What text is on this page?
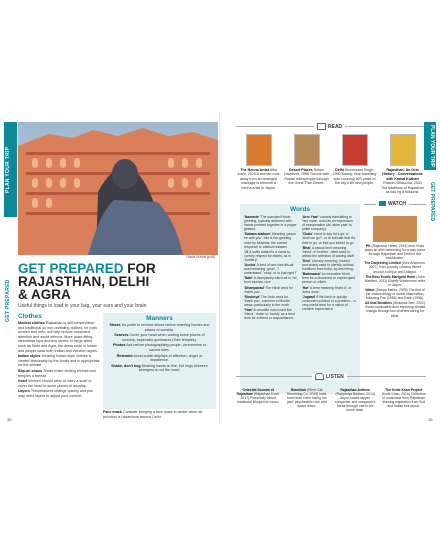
PLAN YOUR TRIP
GET PREPARED
Hawa Mahal (p48)
GET PREPARED FOR
RAJASTHAN, DELHI
& AGRA
Useful things to load in your bag, your ears and your brain
Clothes

Modest clothes Rajasthan is still conservative and traditional so non-revealing clothes, for both women and men, will help reduce unwanted attention and avoid offence. More close-fitting sleeveless tops and tiny shorts. In large cities such as Delhi and Agra, the dress code is looser and people wear both Indian and Western styles.

Indian styles Wearing Indian-style clothes is viewed favourably by the locals and is appropriate for the climate.

Slip-on shoes These make visiting shrines and temples a breeze.

Scarf Women should wear or carry a scarf to cover the head in some places of worship.

Layers Temperatures change quickly and you may need layers to adjust your comfort.

Manners

Shoes It's polite to remove shoes before entering homes and places of worship.

Scarves Cover your head when visiting some places of worship, especially gurdwaras (Sikh temples).

Photos Ask before photographing people, ceremonies or sacred sites.

Restraint Avoid public displays of affection, anger or impatience.

Shake, don't hug Shaking hands is fine, but hugs between strangers is not the norm.

Face mask Consider bringing a face mask in winter when air pollution is hazardous around Delhi.

30
PLAN YOUR TRIP
GET PREPARED
READ
The Henna Artist Alka Joshi; 2020 A woman runs away from an arranged marriage to become a henna artist in Jaipur.
Desert Places Robyn Davidson; 1996 Travels with Rabari tribespeople through the Great Thar Desert.
Delhi Khushwant Singh; 1990 Bawdy, time-travelling epic covering 600 years of the city's life and people.
Rajasthan: An Oral History - Conversations with Komal Kothari Rustom Bharucha; 2003 The traditions of Rajasthan as told by a folklorist.
Words

'Namaste' The standard Hindu greeting, typically delivered with hands pressed together in a prayer gesture.

'Salaam alaikum' Meaning 'peace be with you', this is the greeting used by Muslims; the correct response is 'alaikum salaam'.

'Ji' A suffix added to a name to convey respect for elders, as in 'Auntie-ji'.

'Accha' A kind of one-size-fits-all word meaning 'good', 'I understand', 'okay' or 'is that right?'

'Nahi' A deceptively catch-all to 'no', from tourists; nice

'Dhanyawad' The Hindi word for 'thank you'.

'Shukriya' The Urdu word for 'thank you', common in Muslim areas, particularly in the north.

'Yaar' A versatile word used like 'friend', 'mate' or 'buddy' as a fond term for a friend or acquaintance.

'Arre Yaar' Loosely translating to 'hey mate', used as an expression of exasperation (as 'abbe yaar' is polite company).

'Chalo' Used to say 'let's go' or 'shall we go?', or to indicate that it's time to go, or that you intend to go.

'Bhai' A casual term meaning 'friend' or 'brother', often used to attract the attention of waiting staff.

'Desi' Literally meaning 'country' and widely used to identify cultural traditions from India, eg desi bling.

'Badmaash' An evocative Hindi term for a dishonest or unprincipled person or villain.

'Har' A term meaning 'that's it', or 'extra done'.

'Jugaad' A life hack or quickly concocted solution to a problem – a very useful term for a nation of creative improvisers!

WATCH

PK (Rajkumar Hirani, 2014) Amir Khan plays an alien searching for a way home through Rajasthan and Delhi in this blockbuster.

The Darjeeling Limited (Wes Anderson, 2007) Train-journey comedy filmed around Jodhpur and Udaipur.

The Best Exotic Marigold Hotel (John Madden, 2011) Elderly Westerners retire in Jaipur.

Water (Deepa Mehta, 2005) The first of the classic trilogy of social observation, following Fire (1996) and Earth (1998).

All that Breathes (Shaunak Sen, 2022) Oscar-nominated docu exploring climate change through two brothers caring for birds.

LISTEN

Celestial Sounds of Rajasthan (Rajasthan Dosti, 2017) Powerfully varied traditional Bhopa folk music.

Bismillah (Peter Cat Recording Co, 2019) Indie band from Delhi fusing hot jazz, psychedelic rock and space disco.

Rajasthan Anthem (Rapperiya Baalam, 2014) Jaipur-based rapper, songwriter and composer's break through ode to his home state.

The Kutle Khan Project (Kutle Khan, 2016) Collection of musicians from Rajasthan drawing inspiration from Sufi and Indian folk music.

31
